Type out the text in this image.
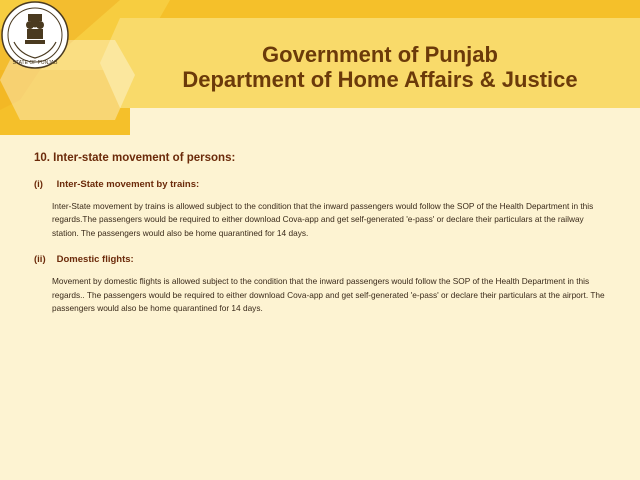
STATE OF PUNJAB	Government of Punjab
Department of Home Affairs & Justice
10. Inter-state movement of persons:
(i) Inter-State movement by trains:
Inter-State movement by trains is allowed subject to the condition that the inward passengers would follow the SOP of the Health Department in this regards.The passengers would be required to either download Cova-app and get self-generated 'e-pass' or declare their particulars at the railway station. The passengers would also be home quarantined for 14 days.
(ii) Domestic flights:
Movement by domestic flights is allowed subject to the condition that the inward passengers would follow the SOP of the Health Department in this regards.. The passengers would be required to either download Cova-app and get self-generated 'e-pass' or declare their particulars at the airport. The passengers would also be home quarantined for 14 days.
